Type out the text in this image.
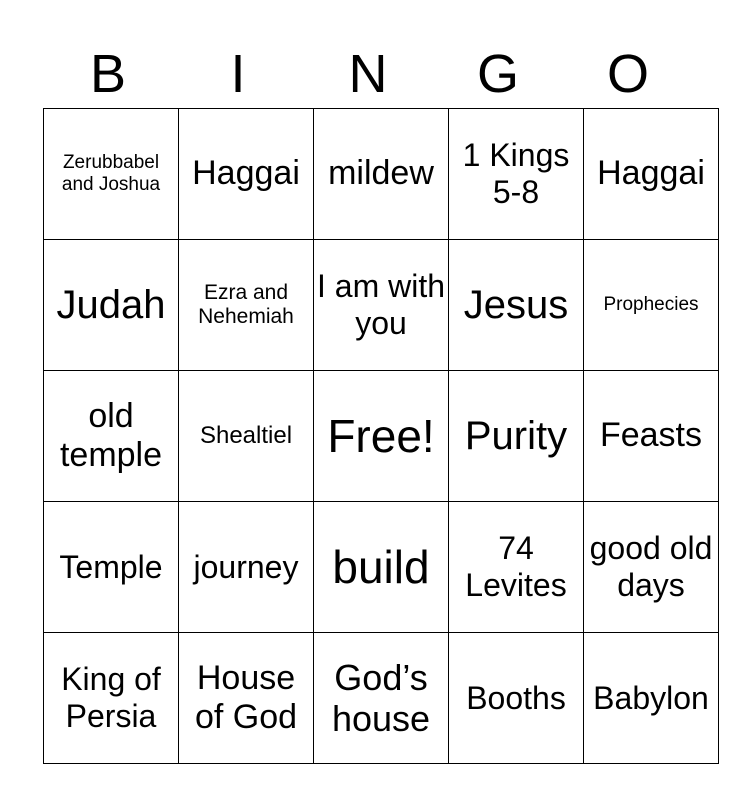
B	I	N	G	O
Zerubbabel and Joshua	Haggai	mildew	1 Kings 5-8	Haggai
Judah	Ezra and Nehemiah	I am with you	Jesus	Prophecies
old temple	Shealtiel	Free!	Purity	Feasts
Temple	journey	build	74 Levites	good old days
King of Persia	House of God	God’s house	Booths	Babylon
